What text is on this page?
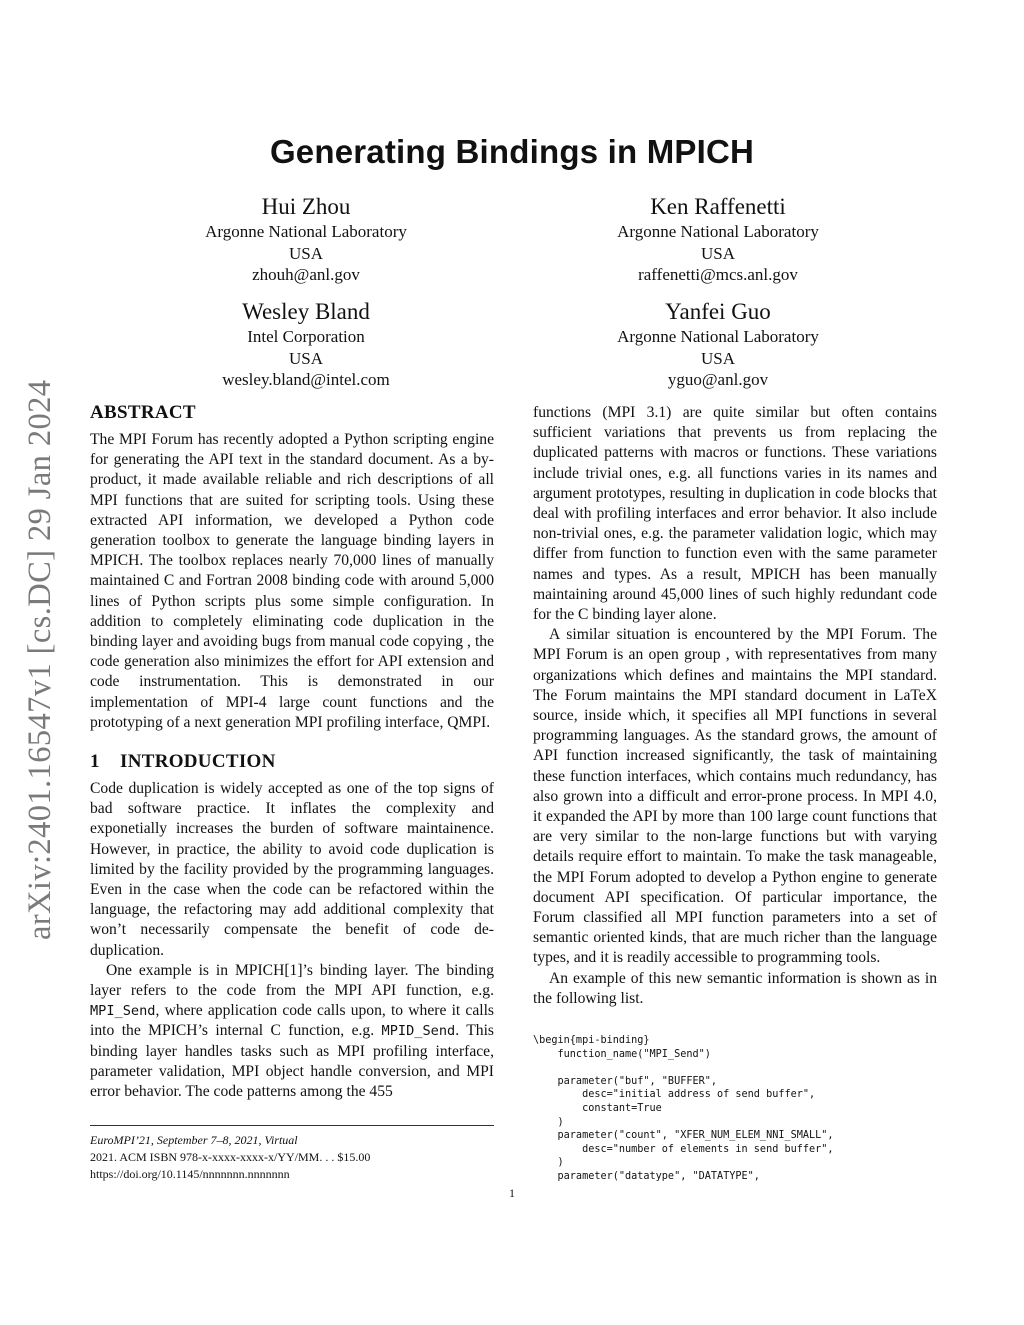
arXiv:2401.16547v1 [cs.DC] 29 Jan 2024
Generating Bindings in MPICH
Hui Zhou
Argonne National Laboratory
USA
zhouh@anl.gov
Ken Raffenetti
Argonne National Laboratory
USA
raffenetti@mcs.anl.gov
Wesley Bland
Intel Corporation
USA
wesley.bland@intel.com
Yanfei Guo
Argonne National Laboratory
USA
yguo@anl.gov
ABSTRACT

The MPI Forum has recently adopted a Python scripting engine for generating the API text in the standard document. As a by-product, it made available reliable and rich descriptions of all MPI functions that are suited for scripting tools. Using these extracted API information, we developed a Python code generation toolbox to generate the language binding layers in MPICH. The toolbox replaces nearly 70,000 lines of manually maintained C and Fortran 2008 binding code with around 5,000 lines of Python scripts plus some simple configuration. In addition to completely eliminating code duplication in the binding layer and avoiding bugs from manual code copying , the code generation also minimizes the effort for API extension and code instrumentation. This is demonstrated in our implementation of MPI-4 large count functions and the prototyping of a next generation MPI profiling interface, QMPI.

1 INTRODUCTION

Code duplication is widely accepted as one of the top signs of bad software practice. It inflates the complexity and exponetially increases the burden of software maintainence. However, in practice, the ability to avoid code duplication is limited by the facility provided by the programming languages. Even in the case when the code can be refactored within the language, the refactoring may add additional complexity that won’t necessarily compensate the benefit of code de-duplication.

One example is in MPICH[1]’s binding layer. The binding layer refers to the code from the MPI API function, e.g. MPI_Send, where application code calls upon, to where it calls into the MPICH’s internal C function, e.g. MPID_Send. This binding layer handles tasks such as MPI profiling interface, parameter validation, MPI object handle conversion, and MPI error behavior. The code patterns among the 455

functions (MPI 3.1) are quite similar but often contains sufficient variations that prevents us from replacing the duplicated patterns with macros or functions. These variations include trivial ones, e.g. all functions varies in its names and argument prototypes, resulting in duplication in code blocks that deal with profiling interfaces and error behavior. It also include non-trivial ones, e.g. the parameter validation logic, which may differ from function to function even with the same parameter names and types. As a result, MPICH has been manually maintaining around 45,000 lines of such highly redundant code for the C binding layer alone.

A similar situation is encountered by the MPI Forum. The MPI Forum is an open group , with representatives from many organizations which defines and maintains the MPI standard. The Forum maintains the MPI standard document in LaTeX source, inside which, it specifies all MPI functions in several programming languages. As the standard grows, the amount of API function increased significantly, the task of maintaining these function interfaces, which contains much redundancy, has also grown into a difficult and error-prone process. In MPI 4.0, it expanded the API by more than 100 large count functions that are very similar to the non-large functions but with varying details require effort to maintain. To make the task manageable, the MPI Forum adopted to develop a Python engine to generate document API specification. Of particular importance, the Forum classified all MPI function parameters into a set of semantic oriented kinds, that are much richer than the language types, and it is readily accessible to programming tools.

An example of this new semantic information is shown as in the following list.

\begin{mpi-binding}
function_name("MPI_Send")

parameter("buf", "BUFFER",
desc="initial address of send buffer",
constant=True
)
parameter("count", "XFER_NUM_ELEM_NNI_SMALL",
desc="number of elements in send buffer",
)
parameter("datatype", "DATATYPE",
EuroMPI’21, September 7–8, 2021, Virtual
2021. ACM ISBN 978-x-xxxx-xxxx-x/YY/MM. . . $15.00
https://doi.org/10.1145/nnnnnnn.nnnnnnn
1
